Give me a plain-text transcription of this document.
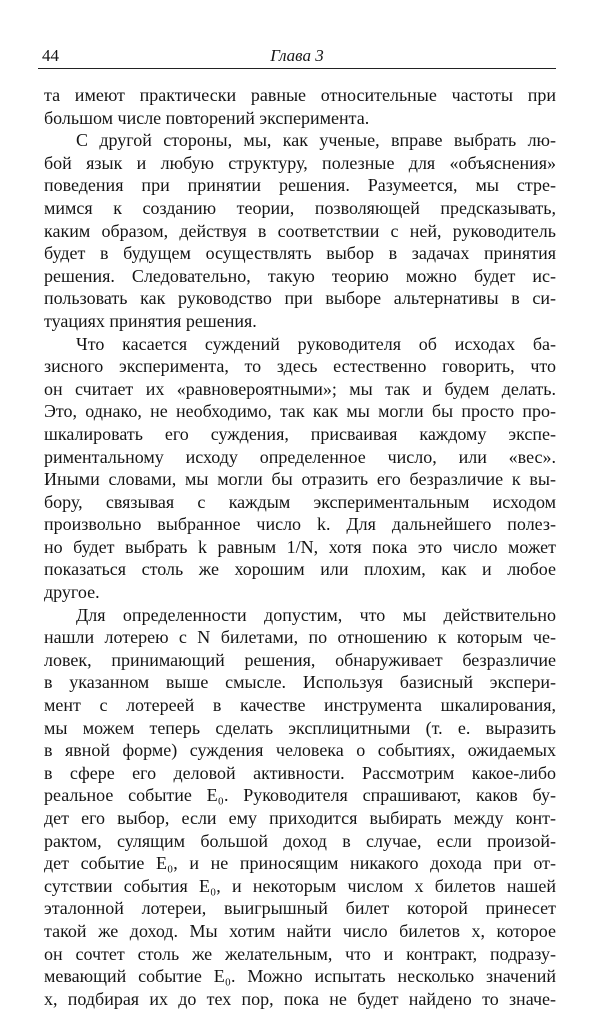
44	Глава 3
та имеют практически равные относительные частоты при
большом числе повторений эксперимента.
С другой стороны, мы, как ученые, вправе выбрать лю-
бой язык и любую структуру, полезные для «объяснения»
поведения при принятии решения. Разумеется, мы стре-
мимся к созданию теории, позволяющей предсказывать,
каким образом, действуя в соответствии с ней, руководитель
будет в будущем осуществлять выбор в задачах принятия
решения. Следовательно, такую теорию можно будет ис-
пользовать как руководство при выборе альтернативы в си-
туациях принятия решения.
Что касается суждений руководителя об исходах ба-
зисного эксперимента, то здесь естественно говорить, что
он считает их «равновероятными»; мы так и будем делать.
Это, однако, не необходимо, так как мы могли бы просто про-
шкалировать его суждения, присваивая каждому экспе-
риментальному исходу определенное число, или «вес».
Иными словами, мы могли бы отразить его безразличие к вы-
бору, связывая с каждым экспериментальным исходом
произвольно выбранное число k. Для дальнейшего полез-
но будет выбрать k равным 1/N, хотя пока это число может
показаться столь же хорошим или плохим, как и любое
другое.
Для определенности допустим, что мы действительно
нашли лотерею с N билетами, по отношению к которым че-
ловек, принимающий решения, обнаруживает безразличие
в указанном выше смысле. Используя базисный экспери-
мент с лотереей в качестве инструмента шкалирования,
мы можем теперь сделать эксплицитными (т. е. выразить
в явной форме) суждения человека о событиях, ожидаемых
в сфере его деловой активности. Рассмотрим какое-либо
реальное событие E₀. Руководителя спрашивают, каков бу-
дет его выбор, если ему приходится выбирать между конт-
рактом, сулящим большой доход в случае, если произой-
дет событие E₀, и не приносящим никакого дохода при от-
сутствии события E₀, и некоторым числом x билетов нашей
эталонной лотереи, выигрышный билет которой принесет
такой же доход. Мы хотим найти число билетов x, которое
он сочтет столь же желательным, что и контракт, подразу-
мевающий событие E₀. Можно испытать несколько значений
x, подбирая их до тех пор, пока не будет найдено то значе-
